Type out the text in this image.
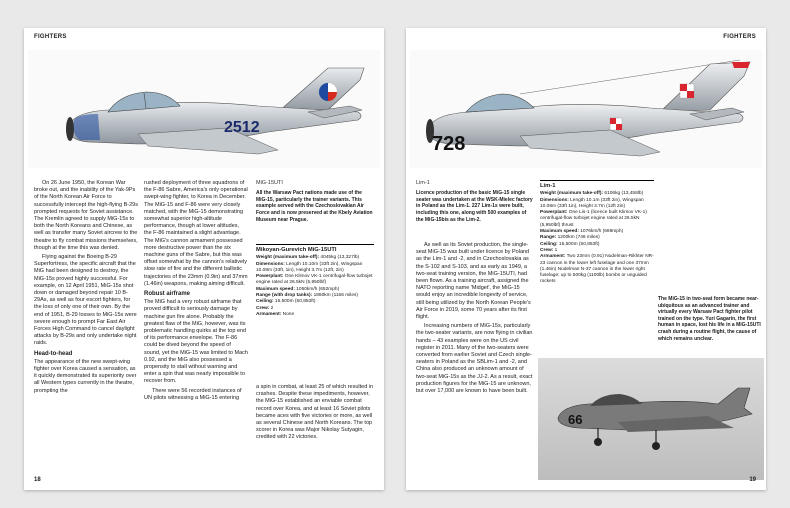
FIGHTERS
2512

On 26 June 1950, the Korean War broke out, and the inability of the Yak-9Ps of the North Korean Air Force to successfully intercept the high-flying B-29s prompted requests for Soviet assistance. The Kremlin agreed to supply MiG-15s to both the North Koreans and Chinese, as well as transfer many Soviet aircrew to the theatre to fly combat missions themselves, though at the time this was denied.

Flying against the Boeing B-29 Superfortress, the specific aircraft that the MiG had been designed to destroy, the MiG-15s proved highly successful. For example, on 12 April 1951, MiG-15s shot down or damaged beyond repair 10 B-29As, as well as four escort fighters, for the loss of only one of their own. By the end of 1951, B-29 losses to MiG-15s were severe enough to prompt Far East Air Forces High Command to cancel daylight attacks by B-29s and only undertake night raids.

Head-to-head

The appearance of the new swept-wing fighter over Korea caused a sensation, as it quickly demonstrated its superiority over all Western types currently in the theatre, prompting the

rushed deployment of three squadrons of the F-86 Sabre, America's only operational swept-wing fighter, to Korea in December. The MiG-15 and F-86 were very closely matched, with the MiG-15 demonstrating somewhat superior high-altitude performance, though at lower altitudes, the F-86 maintained a slight advantage. The MiG's cannon armament possessed more destructive power than the six machine guns of the Sabre, but this was offset somewhat by the cannon's relatively slow rate of fire and the different ballistic trajectories of the 23mm (0.9in) and 37mm (1.46in) weapons, making aiming difficult.

Robust airframe

The MiG had a very robust airframe that proved difficult to seriously damage by machine gun fire alone. Probably the greatest flaw of the MiG, however, was its problematic handling quirks at the top end of its performance envelope. The F-86 could be dived beyond the speed of sound, yet the MiG-15 was limited to Mach 0.92, and the MiG also possessed a propensity to stall without warning and enter a spin that was nearly impossible to recover from.

There were 56 recorded instances of UN pilots witnessing a MiG-15 entering

MiG-15UTI
All the Warsaw Pact nations made use of the MiG-15, particularly the trainer variants. This example served with the Czechoslovakian Air Force and is now preserved at the Kbely Aviation Museum near Prague.
Mikoyan-Gurevich MiG-15UTI
Weight (maximum take-off): 4045kg (13,327lb)
Dimensions: Length 10.10m (33ft 2in), Wingspan 10.08m (33ft, 1in), Height 3.7m (12ft, 2in)
Powerplant: One Klimov VK-1 centrifugal-flow turbojet engine rated at 26.5kN (5,950lbf)
Maximum speed: 1050km/h (652mph)
Range (with drop tanks): 1860km (1156 miles)
Ceiling: 15,500m (50,853ft)
Crew: 2
Armament: None

a spin in combat, at least 25 of which resulted in crashes. Despite these impediments, however, the MiG-15 established an enviable combat record over Korea, and at least 16 Soviet pilots became aces with five victories or more, as well as several Chinese and North Koreans. The top scorer in Korea was Major Nikolay Sutyagin, credited with 22 victories.

18
FIGHTERS
728
Lim-1
Licence production of the basic MiG-15 single seater was undertaken at the WSK-Mielec factory in Poland as the Lim-1. 227 Lim-1s were built, including this one, along with 500 examples of the MiG-15bis as the Lim-2.

As well as its Soviet production, the single-seat MiG-15 was built under licence by Poland as the Lim-1 and -2, and in Czechoslovakia as the S-102 and S-103, and as early as 1949, a two-seat training version, the MiG-15UTI, had been flown. As a training aircraft, assigned the NATO reporting name 'Midget', the MiG-15 would enjoy an incredible longevity of service, still being utilized by the North Korean People's Air Force in 2019, some 70 years after its first flight.

Increasing numbers of MiG-15s, particularly the two-seater variants, are now flying in civilian hands – 43 examples were on the US civil register in 2011. Many of the two-seaters were converted from earlier Soviet and Czech single-seaters in Poland as the SBLim-1 and -2, and China also produced an unknown amount of two-seat MiG-15s as the JJ-2. As a result, exact production figures for the MiG-15 are unknown, but over 17,000 are known to have been built.

Lim-1
Weight (maximum take-off): 6106kg (13,458lb)
Dimensions: Length 10.1m (33ft 2in), Wingspan 10.08m (33ft 1in), Height 3.7m (12ft 2in)
Powerplant: One Lis-1 (licence built Klimov VK-1) centrifugal-flow turbojet engine rated at 26.5kN (5,950lbf) thrust
Maximum speed: 1076km/h (669mph)
Range: 1200km (746 miles)
Ceiling: 15,500m (50,853ft)
Crew: 1
Armament: Two 23mm (0.91) Nudelman-Rikhter NR-23 cannon in the lower left fuselage and one 37mm (1.46in) Nudelman N-37 cannon in the lower right fuselage; up to 500kg (1100lb) bombs or unguided rockets
The MiG-15 in two-seat form became near-ubiquitous as an advanced trainer and virtually every Warsaw Pact fighter pilot trained on the type. Yuri Gagarin, the first human in space, lost his life in a MiG-15UTI crash during a routine flight, the cause of which remains unclear.
66
19
